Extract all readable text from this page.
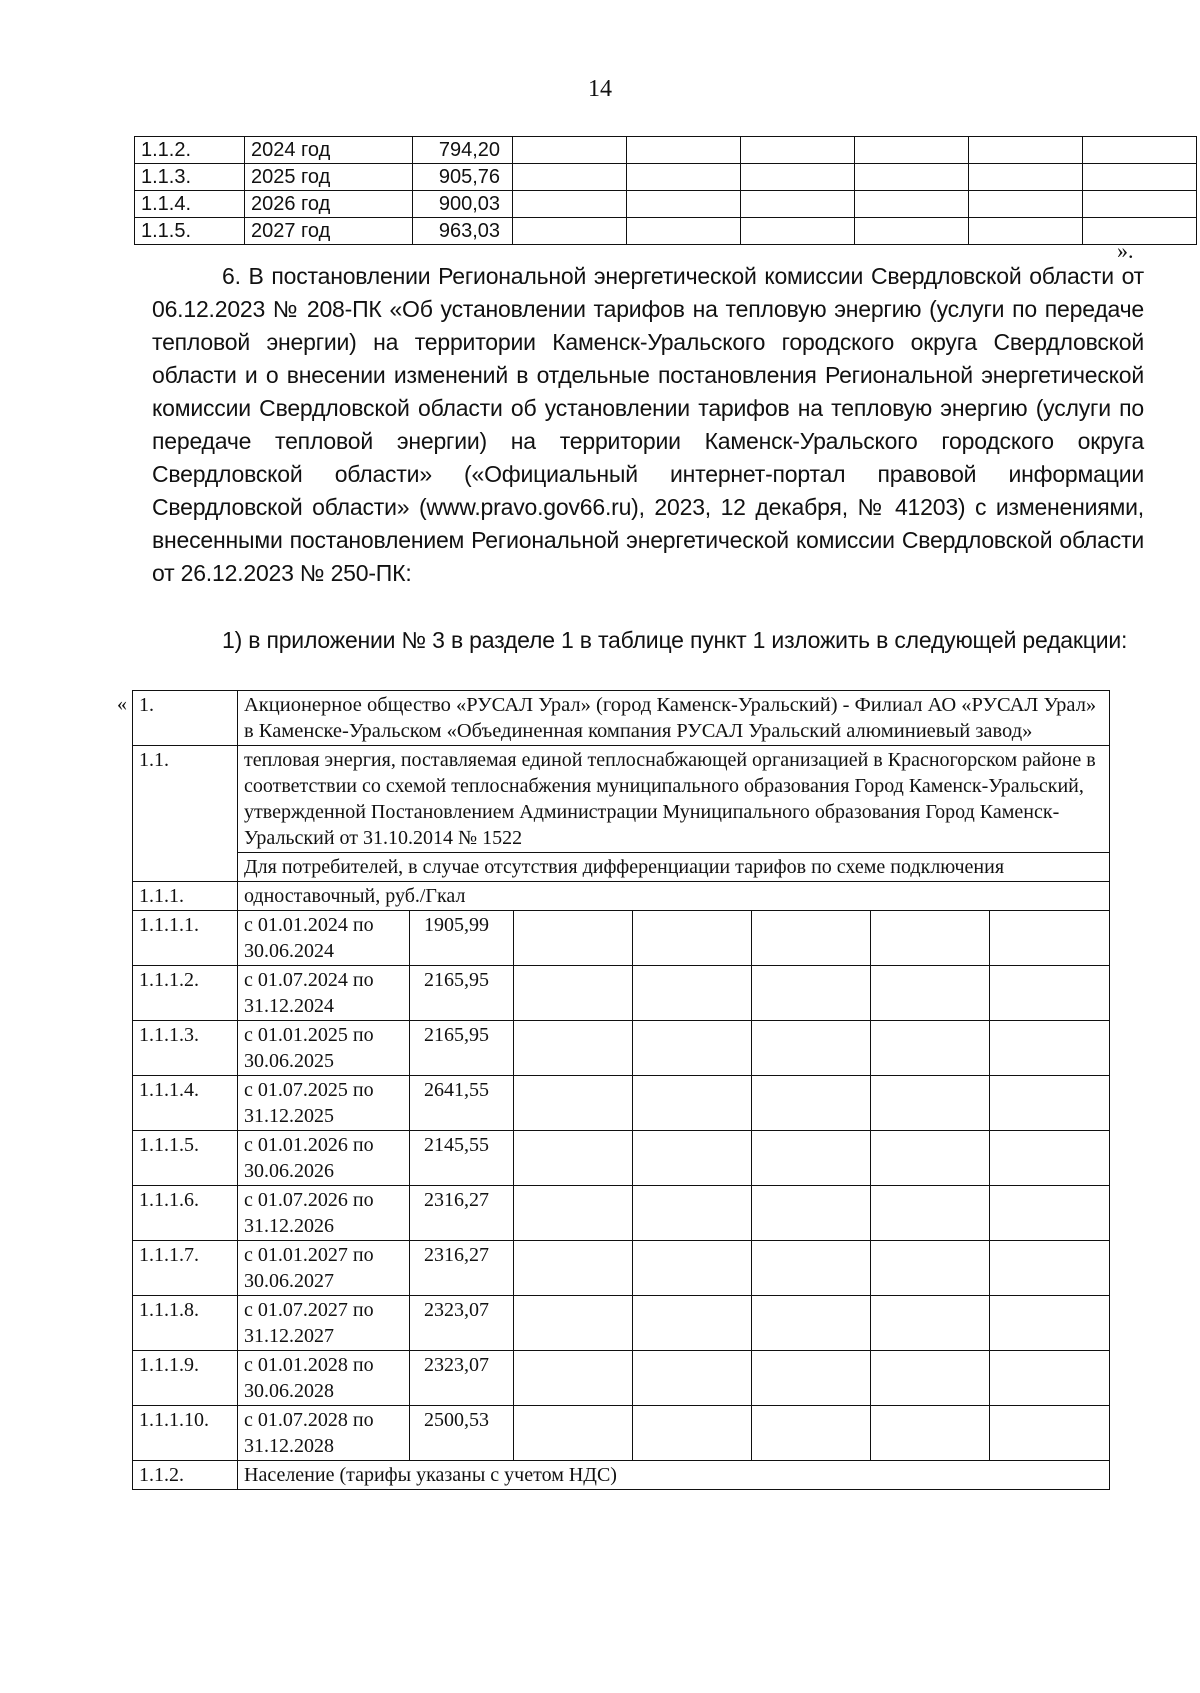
14
1.1.2.	2024 год	794,20						
1.1.3.	2025 год	905,76						
1.1.4.	2026 год	900,03						
1.1.5.	2027 год	963,03						
».

6. В постановлении Региональной энергетической комиссии Свердловской области от 06.12.2023 № 208-ПК «Об установлении тарифов на тепловую энергию (услуги по передаче тепловой энергии) на территории Каменск-Уральского городского округа Свердловской области и о внесении изменений в отдельные постановления Региональной энергетической комиссии Свердловской области об установлении тарифов на тепловую энергию (услуги по передаче тепловой энергии) на территории Каменск-Уральского городского округа Свердловской области» («Официальный интернет-портал правовой информации Свердловской области» (www.pravo.gov66.ru), 2023, 12 декабря, № 41203) с изменениями, внесенными постановлением Региональной энергетической комиссии Свердловской области от 26.12.2023 № 250-ПК:

1) в приложении № 3 в разделе 1 в таблице пункт 1 изложить в следующей редакции:

« 1.	Акционерное общество «РУСАЛ Урал» (город Каменск-Уральский) - Филиал АО «РУСАЛ Урал» в Каменске-Уральском «Объединенная компания РУСАЛ Уральский алюминиевый завод»						
1.1.	тепловая энергия, поставляемая единой теплоснабжающей организацией в Красногорском районе в соответствии со схемой теплоснабжения муниципального образования Город Каменск-Уральский, утвержденной Постановлением Администрации Муниципального образования Город Каменск-Уральский от 31.10.2014 № 1522						
	Для потребителей, в случае отсутствия дифференциации тарифов по схеме подключения						
1.1.1.	одноставочный, руб./Гкал						
1.1.1.1.	с 01.01.2024 по 30.06.2024	1905,99					
1.1.1.2.	с 01.07.2024 по 31.12.2024	2165,95					
1.1.1.3.	с 01.01.2025 по 30.06.2025	2165,95					
1.1.1.4.	с 01.07.2025 по 31.12.2025	2641,55					
1.1.1.5.	с 01.01.2026 по 30.06.2026	2145,55					
1.1.1.6.	с 01.07.2026 по 31.12.2026	2316,27					
1.1.1.7.	с 01.01.2027 по 30.06.2027	2316,27					
1.1.1.8.	с 01.07.2027 по 31.12.2027	2323,07					
1.1.1.9.	с 01.01.2028 по 30.06.2028	2323,07					
1.1.1.10.	с 01.07.2028 по 31.12.2028	2500,53					
1.1.2.	Население (тарифы указаны с учетом НДС)						
